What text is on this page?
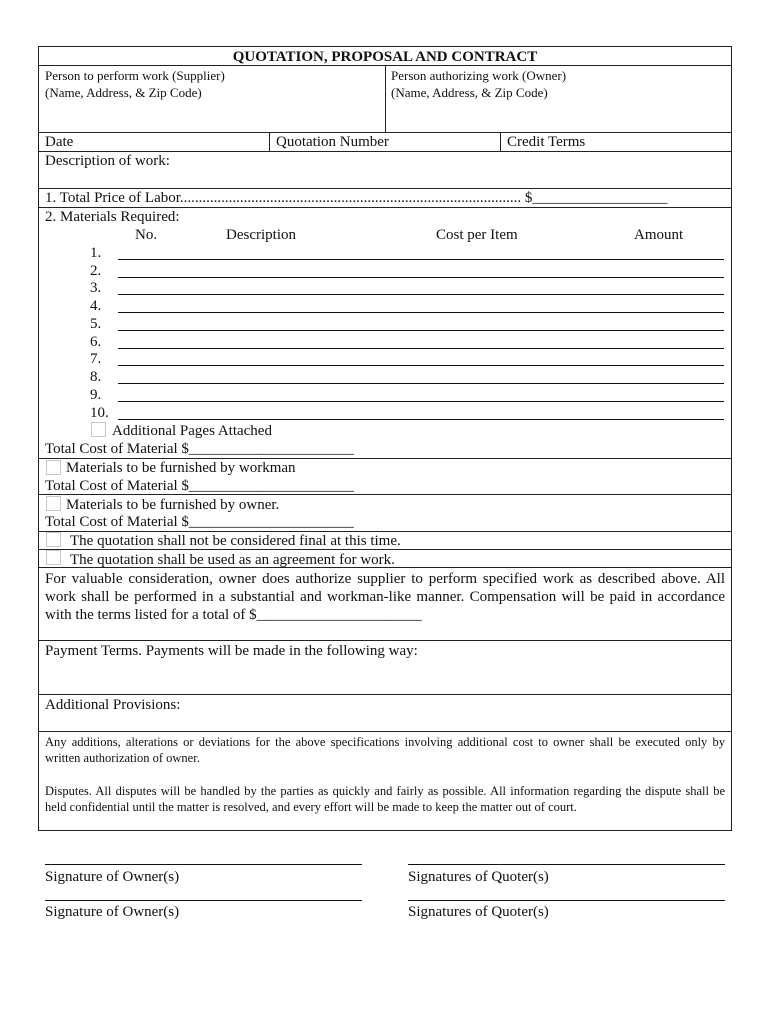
QUOTATION, PROPOSAL AND CONTRACT
Person to perform work (Supplier)
(Name, Address, & Zip Code)
Person authorizing work (Owner)
(Name, Address, & Zip Code)
Date	Quotation Number	Credit Terms
Description of work:
1. Total Price of Labor........................................................................................... $__________________
2. Materials Required:
No.	Description	Cost per Item	Amount
1.
2.
3.
4.
5.
6.
7.
8.
9.
10.
Additional Pages Attached
Total Cost of Material $______________________
Materials to be furnished by workman
Total Cost of Material $______________________
Materials to be furnished by owner.
Total Cost of Material $______________________
The quotation shall not be considered final at this time.
The quotation shall be used as an agreement for work.
For valuable consideration, owner does authorize supplier to perform specified work as described above. All work shall be performed in a substantial and workman-like manner. Compensation will be paid in accordance with the terms listed for a total of $______________________
Payment Terms. Payments will be made in the following way:
Additional Provisions:
Any additions, alterations or deviations for the above specifications involving additional cost to owner shall be executed only by written authorization of owner.
Disputes. All disputes will be handled by the parties as quickly and fairly as possible. All information regarding the dispute shall be held confidential until the matter is resolved, and every effort will be made to keep the matter out of court.
Signature of Owner(s)	Signatures of Quoter(s)
Signature of Owner(s)	Signatures of Quoter(s)
